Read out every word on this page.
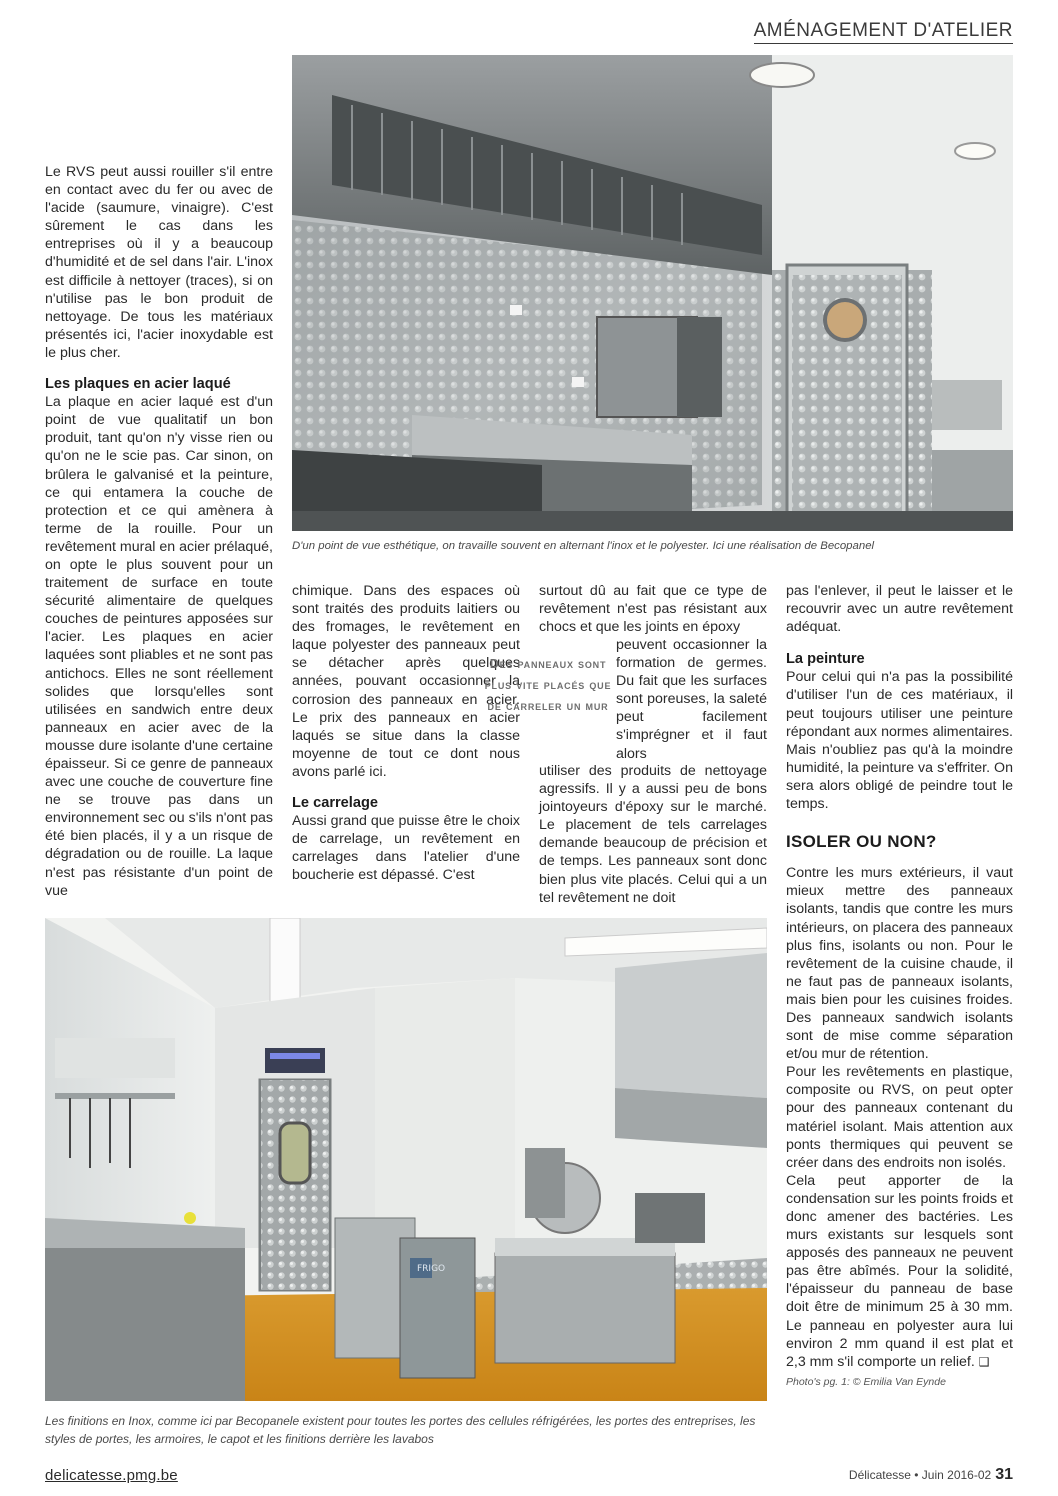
AMÉNAGEMENT D'ATELIER

Le RVS peut aussi rouiller s'il entre en contact avec du fer ou avec de l'acide (saumure, vinaigre). C'est sûrement le cas dans les entreprises où il y a beaucoup d'humidité et de sel dans l'air. L'inox est difficile à nettoyer (traces), si on n'utilise pas le bon produit de nettoyage. De tous les matériaux présentés ici, l'acier inoxydable est le plus cher.

Les plaques en acier laqué

La plaque en acier laqué est d'un point de vue qualitatif un bon produit, tant qu'on n'y visse rien ou qu'on ne le scie pas. Car sinon, on brûlera le galvanisé et la peinture, ce qui entamera la couche de protection et ce qui amènera à terme de la rouille. Pour un revêtement mural en acier prélaqué, on opte le plus souvent pour un traitement de surface en toute sécurité alimentaire de quelques couches de peintures apposées sur l'acier. Les plaques en acier laquées sont pliables et ne sont pas antichocs. Elles ne sont réellement solides que lorsqu'elles sont utilisées en sandwich entre deux panneaux en acier avec de la mousse dure isolante d'une certaine épaisseur. Si ce genre de panneaux avec une couche de couverture fine ne se trouve pas dans un environnement sec ou s'ils n'ont pas été bien placés, il y a un risque de dégradation ou de rouille. La laque n'est pas résistante d'un point de vue

D'un point de vue esthétique, on travaille souvent en alternant l'inox et le polyester. Ici une réalisation de Becopanel

chimique. Dans des espaces où sont traités des produits laitiers ou des fromages, le revêtement en laque polyester des panneaux peut se détacher après quelques années, pouvant occasionner la corrosion des panneaux en acier. Le prix des panneaux en acier laqués se situe dans la classe moyenne de tout ce dont nous avons parlé ici.

Le carrelage

Aussi grand que puisse être le choix de carrelage, un revêtement en carrelages dans l'atelier d'une boucherie est dépassé. C'est

Des panneaux sont plus vite placés que de carreler un mur

surtout dû au fait que ce type de revêtement n'est pas résistant aux chocs et que les joints en époxy

peuvent occasionner la formation de germes. Du fait que les surfaces sont poreuses, la saleté peut facilement s'imprégner et il faut alors

utiliser des produits de nettoyage agressifs. Il y a aussi peu de bons jointoyeurs d'époxy sur le marché. Le placement de tels carrelages demande beaucoup de précision et de temps. Les panneaux sont donc bien plus vite placés. Celui qui a un tel revêtement ne doit

pas l'enlever, il peut le laisser et le recouvrir avec un autre revêtement adéquat.

La peinture

Pour celui qui n'a pas la possibilité d'utiliser l'un de ces matériaux, il peut toujours utiliser une peinture répondant aux normes alimentaires. Mais n'oubliez pas qu'à la moindre humidité, la peinture va s'effriter. On sera alors obligé de peindre tout le temps.

ISOLER OU NON?

Contre les murs extérieurs, il vaut mieux mettre des panneaux isolants, tandis que contre les murs intérieurs, on placera des panneaux plus fins, isolants ou non. Pour le revêtement de la cuisine chaude, il ne faut pas de panneaux isolants, mais bien pour les cuisines froides. Des panneaux sandwich isolants sont de mise comme séparation et/ou mur de rétention.

Pour les revêtements en plastique, composite ou RVS, on peut opter pour des panneaux contenant du matériel isolant. Mais attention aux ponts thermiques qui peuvent se créer dans des endroits non isolés.

Cela peut apporter de la condensation sur les points froids et donc amener des bactéries. Les murs existants sur lesquels sont apposés des panneaux ne peuvent pas être abîmés. Pour la solidité, l'épaisseur du panneau de base doit être de minimum 25 à 30 mm. Le panneau en polyester aura lui environ 2 mm quand il est plat et 2,3 mm s'il comporte un relief. ❑

Photo's pg. 1: © Emilia Van Eynde

FRIGO
Les finitions en Inox, comme ici par Becopanele existent pour toutes les portes des cellules réfrigérées, les portes des entreprises, les styles de portes, les armoires, le capot et les finitions derrière les lavabos
delicatesse.pmg.be	Délicatesse • Juin 2016-02 31
